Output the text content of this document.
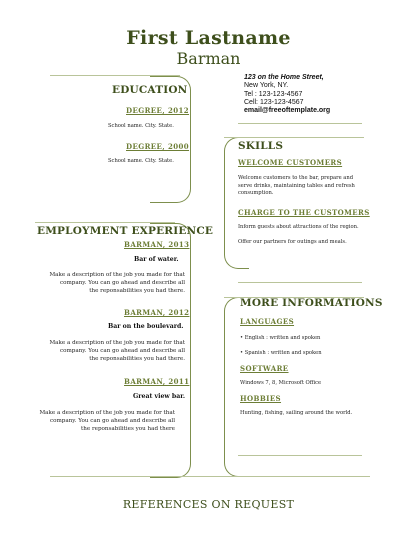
First Lastname
Barman
123 on the Home Street,
New York, NY.
Tel : 123-123-4567
Cell: 123-123-4567
email@freeoftemplate.org
EDUCATION
DEGREE, 2012
School name. City. State.
DEGREE, 2000
School name. City. State.
SKILLS
WELCOME CUSTOMERS
Welcome customers to the bar, prepare and
serve drinks, maintaining tables and refresh
consumption.
CHARGE TO THE CUSTOMERS
Inform guests about attractions of the region.
Offer our partners for outings and meals.
EMPLOYMENT EXPERIENCE
BARMAN, 2013
Bar of water.
Make a description of the job you made for that
company. You can go ahead and describe all
the reponsabilities you had there.
BARMAN, 2012
Bar on the boulevard.
Make a description of the job you made for that
company. You can go ahead and describe all
the reponsabilities you had there.
BARMAN, 2011
Great view bar.
Make a description of the job you made for that
company. You can go ahead and describe all
the reponsabilities you had there
MORE INFORMATIONS
LANGUAGES
• English : written and spoken
• Spanish : written and spoken
SOFTWARE
Windows 7, 8, Microsoft Office
HOBBIES
Hunting, fishing, sailing around the world.
REFERENCES ON REQUEST
